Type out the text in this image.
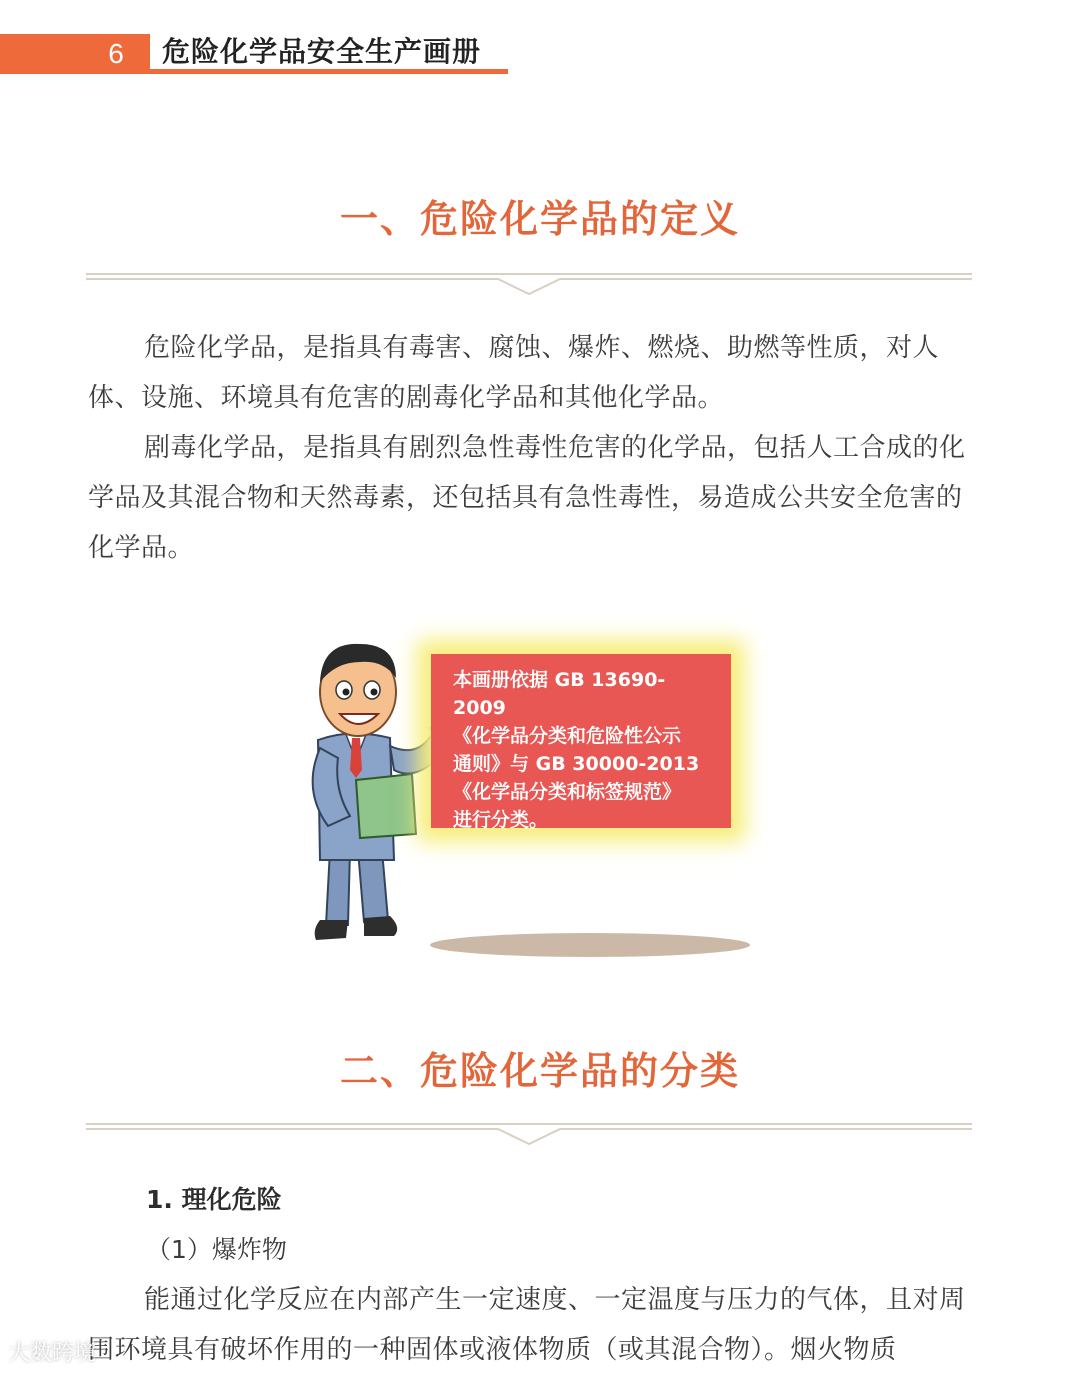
6	危险化学品安全生产画册
一、危险化学品的定义
危险化学品，是指具有毒害、腐蚀、爆炸、燃烧、助燃等性质，对人体、设施、环境具有危害的剧毒化学品和其他化学品。
剧毒化学品，是指具有剧烈急性毒性危害的化学品，包括人工合成的化学品及其混合物和天然毒素，还包括具有急性毒性，易造成公共安全危害的化学品。
本画册依据 GB 13690-2009
《化学品分类和危险性公示
通则》与 GB 30000-2013
《化学品分类和标签规范》
进行分类。
二、危险化学品的分类
1. 理化危险
（1）爆炸物
能通过化学反应在内部产生一定速度、一定温度与压力的气体，且对周围环境具有破坏作用的一种固体或液体物质（或其混合物）。烟火物质
大数跨境
